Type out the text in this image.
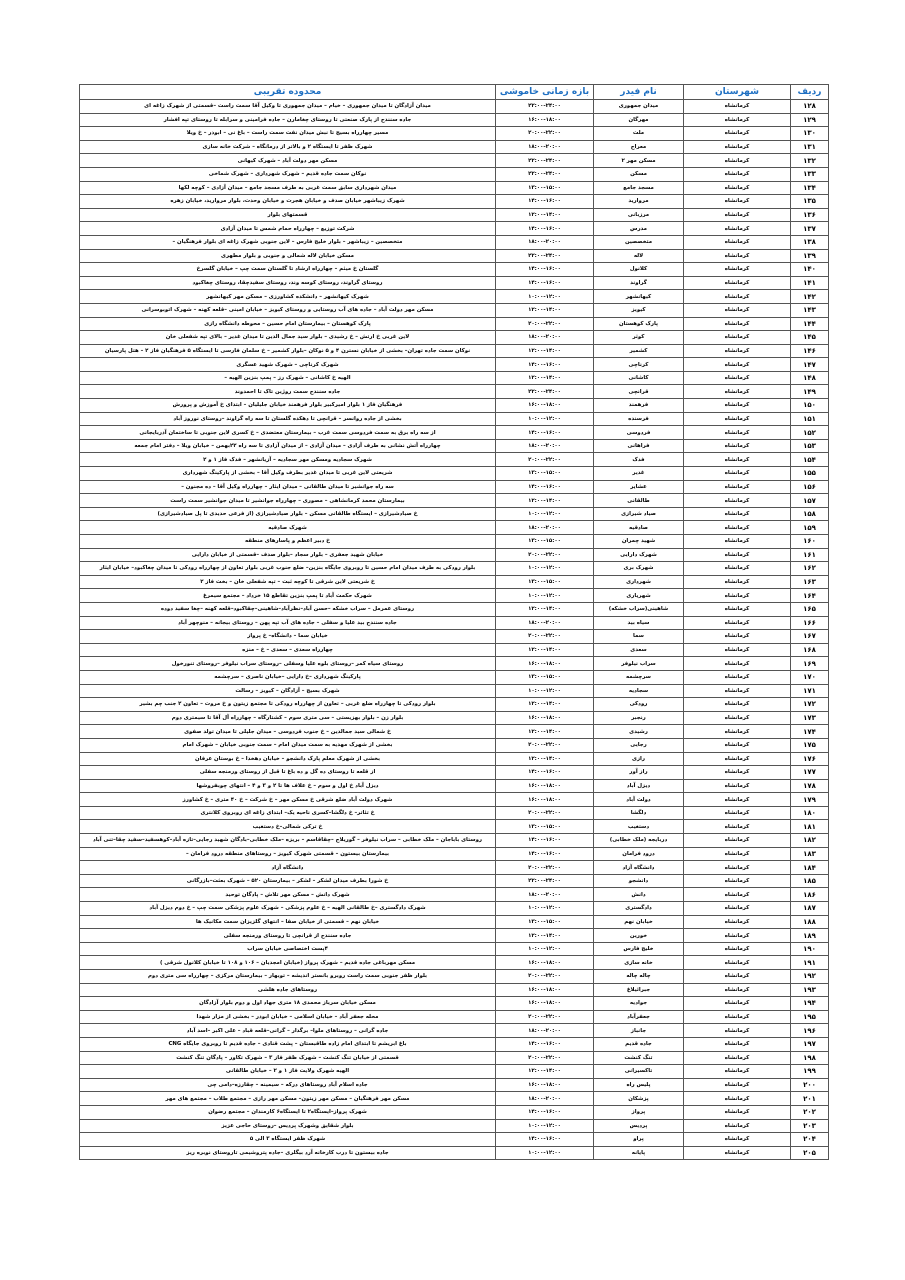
ردیف	شهرستان	نام فیدر	بازه زمانی خاموشی	محدوده تقریبی
۱۲۸	کرمانشاه	میدان جمهوری	۲۲:۰۰-۲۴:۰۰	میدان آزادگان تا میدان جمهوری – خیام – میدان جمهوری تا وکیل آقا سمت راست –قسمتی از شهرک زاغه ای
۱۲۹	کرمانشاه	مهرگان	۱۶:۰۰-۱۸:۰۰	جاده سنندج از پارک صنعتی تا روستای چغامارن – جاده فرامینی و سرابله تا روستای تپه افشار
۱۳۰	کرمانشاه	ملت	۲۰:۰۰-۲۲:۰۰	مسیر چهارراه بسیج تا نبش میدان نفت سمت راست – باغ نی – ابوذر – خ ویلا
۱۳۱	کرمانشاه	معراج	۱۸:۰۰-۲۰:۰۰	شهرک ظفر تا ایستگاه ۲ و بالاتر از درمانگاه – شرکت خانه سازی
۱۳۲	کرمانشاه	مسکن مهر ۲	۲۲:۰۰-۲۴:۰۰	مسکن مهر دولت آباد – شهرک کیهانی
۱۳۳	کرمانشاه	مسکن	۲۲:۰۰-۲۴:۰۰	نوکان سمت جاده قدیم – شهرک شهرداری – شهرک شماخی
۱۳۴	کرمانشاه	مسجد جامع	۱۳:۰۰-۱۵:۰۰	میدان شهرداری سابق سمت غربی به طرف مسجد جامع – میدان آزادی – کوچه لکها
۱۳۵	کرمانشاه	مروارید	۱۴:۰۰-۱۶:۰۰	شهرک زیباشهر خیابان صدف و خیابان هجرت و خیابان وحدت، بلوار مروارید، خیابان زهره
۱۳۶	کرمانشاه	مرزبانی	۱۲:۰۰-۱۴:۰۰	قسمتهای بلوار
۱۳۷	کرمانشاه	مدرس	۱۴:۰۰-۱۶:۰۰	شرکت توزیع – چهارراه حمام شمس تا میدان آزادی
۱۳۸	کرمانشاه	متخصصین	۱۸:۰۰-۲۰:۰۰	متخصصین – زیباشهر – بلوار خلیج فارس – لاین جنوبی شهرک زاغه ای بلوار فرهنگیان –
۱۳۹	کرمانشاه	لاله	۲۲:۰۰-۲۴:۰۰	مسکن خیابان لاله شمالی و جنوبی و بلوار مطهری
۱۴۰	کرمانشاه	کلانول	۱۴:۰۰-۱۶:۰۰	گلستان خ میثم – چهارراه ارشاد تا گلستان سمت چپ – خیابان گلسرخ
۱۴۱	کرمانشاه	گراوند	۱۴:۰۰-۱۶:۰۰	روستای گراوند، روستای کوسه وند، روستای سفیدچقا، روستای چغاکبود
۱۴۲	کرمانشاه	کیهانشهر	۱۰:۰۰-۱۲:۰۰	شهرک کیهانشهر – دانشکده کشاورزی – مسکن مهر کیهانشهر
۱۴۳	کرمانشاه	کیویز	۱۲:۰۰-۱۴:۰۰	مسکن مهر دولت آباد – جاده های آب روستایی و روستای کیویز – خیابان امینی –قلعه کهنه – شهرک اتوبوسرانی
۱۴۴	کرمانشاه	پارک کوهستان	۲۰:۰۰-۲۲:۰۰	پارک کوهستان – بیمارستان امام حسین – محوطه دانشگاه رازی
۱۴۵	کرمانشاه	کوثر	۱۸:۰۰-۲۰:۰۰	لاین غربی خ ارتش – خ رشیدی – بلوار سید جمال الدین تا میدان غدیر – بالای تپه شفعلی خان
۱۴۶	کرمانشاه	کشمیر	۱۲:۰۰-۱۴:۰۰	نوکان سمت جاده تهران– بخشی از خیابان نسترن ۴ و ۵ نوکان –بلوار کشمیر – خ سلمان فارسی تا ایستگاه ۵ فرهنگیان فاز ۲ – هتل پارسیان
۱۴۷	کرمانشاه	کرناچی	۱۴:۰۰-۱۶:۰۰	شهرک کرناچی – شهرک شهید عسگری
۱۴۸	کرمانشاه	کاشانی	۱۲:۰۰-۱۴:۰۰	الهیه خ کاشانی – شهرک رز – پمپ بنزین الهیه –
۱۴۹	کرمانشاه	قرانچی	۲۲:۰۰-۲۴:۰۰	جاده سنندج سمت روژین تاک تا احمدوند
۱۵۰	کرمانشاه	فرهمند	۱۶:۰۰-۱۸:۰۰	فرهنگیان فاز ۱ بلوار امیرکبیر بلوار فرهمند خیابان جلیلیان – ابتدای خ آموزش و پرورش
۱۵۱	کرمانشاه	فرسنده	۱۰:۰۰-۱۲:۰۰	بخشی از جاده روانسر – قرانچی تا دهکده گلستان تا سه راه گراوند –روستای نوروز آباد
۱۵۲	کرمانشاه	فردوسی	۱۴:۰۰-۱۶:۰۰	از سه راه برق به سمت فردوسی سمت غرب – بیمارستان معتضدی – خ کسری لاین جنوبی تا ساختمان آذربایجانی
۱۵۳	کرمانشاه	فراهانی	۱۸:۰۰-۲۰:۰۰	چهارراه آتش نشانی به طرف آزادی – میدان آزادی – از میدان آزادی تا سه راه ۲۲بهمن – خیابان ویلا – دفتر امام جمعه
۱۵۴	کرمانشاه	فدک	۲۰:۰۰-۲۲:۰۰	شهرک سجادیه ومسکن مهر سجادیه – آزیانشهر – فدک فاز ۱ و ۲
۱۵۵	کرمانشاه	غدیر	۱۳:۰۰-۱۵:۰۰	شریعتی لاین غربی تا میدان غدیر بطرف وکیل آقا – بخشی از پارکینگ شهرداری
۱۵۶	کرمانشاه	عشایر	۱۴:۰۰-۱۶:۰۰	سه راه جوانشیر تا میدان طالقانی – میدان ایثار – چهارراه وکیل آقا – ده مجنون –
۱۵۷	کرمانشاه	طالقانی	۱۲:۰۰-۱۴:۰۰	بیمارستان محمد کرمانشاهی – مصوری – چهارراه جوانشیر تا میدان جوانشیر سمت راست
۱۵۸	کرمانشاه	صیاد شیرازی	۱۰:۰۰-۱۲:۰۰	خ صیادشیرازی – ایستگاه طالقانی مسکن – بلوار صیادشیرازی (از فرعی حدیدی تا پل صیادشیرازی)
۱۵۹	کرمانشاه	صادقیه	۱۸:۰۰-۲۰:۰۰	شهرک صادقیه
۱۶۰	کرمانشاه	شهید چمران	۱۳:۰۰-۱۵:۰۰	خ دبیر اعظم و پاسارهای منطقه
۱۶۱	کرمانشاه	شهرک دارایی	۲۰:۰۰-۲۲:۰۰	خیابان شهید جعفری – بلوار سجاد –بلوار صدف –قسمتی از خیابان دارایی
۱۶۲	کرمانشاه	شهرک بری	۱۰:۰۰-۱۲:۰۰	بلوار رودکی به طرف میدان امام حسین تا روبروی جایگاه بنزین– ضلع جنوب غربی بلوار تعاون از چهارراه رودکی تا میدان چغاکبود– خیابان ایثار
۱۶۳	کرمانشاه	شهرداری	۱۳:۰۰-۱۵:۰۰	خ شریعتی لاین شرقی تا کوچه ثبت – تپه شفعلی خان – بخت فاز ۲
۱۶۴	کرمانشاه	شهریاری	۱۰:۰۰-۱۲:۰۰	شهرک حکمت آباد تا پمپ بنزین تقاطع ۱۵ خرداد – مجتمع سیمرغ
۱۶۵	کرمانشاه	شاهینی(سراب خشکه)	۱۲:۰۰-۱۴:۰۰	روستای عمرمل – سراب خشکه –حسن آباد–نظرآباد–شاهینی–چقاکبود–قلعه کهنه –چغا سفید دوده
۱۶۶	کرمانشاه	سیاه بید	۱۸:۰۰-۲۰:۰۰	جاده سنندج بید علیا و سفلی – جاده های آب تپه پهن – روستای بیجانه – منوچهر آباد
۱۶۷	کرمانشاه	سما	۲۰:۰۰-۲۲:۰۰	خیابان سما – دانشگاه– خ پرواز
۱۶۸	کرمانشاه	سعدی	۱۲:۰۰-۱۴:۰۰	چهارراه سعدی – سعدی – خ – منزه
۱۶۹	کرمانشاه	سراب نیلوفر	۱۶:۰۰-۱۸:۰۰	روستای سیاه کمر –روستای بلوه علیا وسفلی –روستای سراب نیلوفر –روستای تنورخول
۱۷۰	کرمانشاه	سرچشمه	۱۳:۰۰-۱۵:۰۰	پارکینگ شهرداری –خ دارایی –خیابان ناصری – سرچشمه
۱۷۱	کرمانشاه	سجادیه	۱۰:۰۰-۱۲:۰۰	شهرک بسیج – آزادگان – کیویز – رسالت
۱۷۲	کرمانشاه	رودکی	۱۲:۰۰-۱۴:۰۰	بلوار رودکی تا چهارراه ضلع غربی – تعاون از چهارراه رودکی تا مجتمع زیتون و خ مروت – تعاون ۲ جنب چم بشیر
۱۷۳	کرمانشاه	رنجبر	۱۶:۰۰-۱۸:۰۰	بلوار زن – بلوار بهزیستی – سی متری سوم – کشتارگاه – چهارراه آل آقا تا سیمتری دوم
۱۷۴	کرمانشاه	رشیدی	۱۲:۰۰-۱۴:۰۰	خ شمالی سید جمالدین – خ جنوب فردوسی – میدان جلیلی تا میدان تولد صفوی
۱۷۵	کرمانشاه	رجایی	۲۰:۰۰-۲۲:۰۰	بخشی از شهرک مهدیه به سمت میدان امام – سمت جنوبی خیابان – شهرک امام
۱۷۶	کرمانشاه	رازی	۱۲:۰۰-۱۴:۰۰	بخشی از شهرک معلم پارک دانشجو – خیابان دهخدا – خ بوستان عرفان
۱۷۷	کرمانشاه	راز آور	۱۴:۰۰-۱۶:۰۰	از قلعه تا روستای ده گل و ده باغ تا قبل از روستای ورمنجه سفلی
۱۷۸	کرمانشاه	دیزل آباد	۱۶:۰۰-۱۸:۰۰	دیزل آباد خ اول و سوم – خ علاف ها تا ۲ و ۳ و ۴ – انتهای چوبفروشها
۱۷۹	کرمانشاه	دولت آباد	۱۶:۰۰-۱۸:۰۰	شهرک دولت آباد ضلع شرقی خ مسکن مهر – خ شرکت – خ ۴۰ متری – خ کشاورز
۱۸۰	کرمانشاه	دلگشا	۲۰:۰۰-۲۲:۰۰	خ تئاتر– خ دلگشا–کسری ناحیه یک– ابتدای زاغه ای روبروی کلانتری
۱۸۱	کرمانشاه	دستغیب	۱۳:۰۰-۱۵:۰۰	خ ترکی شمالی–خ دستغیب
۱۸۲	کرمانشاه	دربایجه (ملک خطابی)	۱۴:۰۰-۱۶:۰۰	روستای باباجان – ملک خطابی – سراب نیلوفر – گوریلاج –چقاقاسم – بریزه –ملک خطابی–بادگان شهید رجایی–تازه آباد–کوهسفید–سفید چقا–تنی آباد
۱۸۳	کرمانشاه	درود فرامان	۱۴:۰۰-۱۶:۰۰	بیمارستان بیستون – قسمتی شهرک کیویز – روستاهای منطقه درود فرامان –
۱۸۴	کرمانشاه	دانشگاه آزاد	۲۰:۰۰-۲۲:۰۰	دانشگاه آزاد
۱۸۵	کرمانشاه	دانشجو	۲۲:۰۰-۲۴:۰۰	خ شورا بطرف میدان لشکر – لشکر – بیمارستان ۵۲۰ – شهرک بعثت–بازرگانی
۱۸۶	کرمانشاه	دانش	۱۸:۰۰-۲۰:۰۰	شهرک دانش – مسکن مهر تلاش – پادگان توحید
۱۸۷	کرمانشاه	دادگستری	۱۰:۰۰-۱۲:۰۰	شهرک دادگستری –خ طالقانی الهیه – خ علوم پزشکی – شهرک علوم پزشکی سمت چپ – خ دوم دیزل آباد
۱۸۸	کرمانشاه	خیابان نهم	۱۳:۰۰-۱۵:۰۰	خیابان نهم – قسمتی از خیابان صفا – انتهای گلزیزان سمت مکانیک ها
۱۸۹	کرمانشاه	خورین	۱۲:۰۰-۱۴:۰۰	جاده سنندج از قرانچی تا روستای ورمنجه سفلی
۱۹۰	کرمانشاه	خلیج فارس	۱۰:۰۰-۱۲:۰۰	۴پست اختصاصی خیابان سراب
۱۹۱	کرمانشاه	خانه سازی	۱۶:۰۰-۱۸:۰۰	مسکن مهرباغی جاده قدیم – شهرک پرواز (خیابان امجدیان – ۱۰۶ و ۱۰۸ تا خیابان کلانول شرقی )
۱۹۲	کرمانشاه	چاله چاله	۲۰:۰۰-۲۲:۰۰	بلوار ظفر جنوبی سمت راست روبرو بانستر اندیشه – توبهار – بیمارستان مرکزی – چهارراه سی متری دوم
۱۹۳	کرمانشاه	جبرائیلاغ	۱۶:۰۰-۱۸:۰۰	روستاهای جاده هلشی
۱۹۴	کرمانشاه	جوادیه	۱۶:۰۰-۱۸:۰۰	مسکن خیابان سرباز محمدی ۱۸ متری جهاد اول و دوم بلوار آزادگان
۱۹۵	کرمانشاه	جعفرآباد	۲۰:۰۰-۲۲:۰۰	محله جعفر آباد – خیابان اسلامی – خیابان ابوذر – بخشی از مزار شهدا
۱۹۶	کرمانشاه	جانباز	۱۸:۰۰-۲۰:۰۰	جاده گرانی – روستاهای ملوا– برگدار – گرانی–قلعه قباد – علی اکبر –اسد آباد
۱۹۷	کرمانشاه	جاده قدیم	۱۴:۰۰-۱۶:۰۰	باغ ابریشم تا ابتدای امام زاده طاقبستان – پشت قنادی – جاده قدیم تا روبروی جایگاه CNG
۱۹۸	کرمانشاه	تنگ کنشت	۲۰:۰۰-۲۲:۰۰	قسمتی از خیابان تنگ کنشت – شهرک ظفر فاز ۳ – شهرک تکاور – پادگان تنگ کنشت
۱۹۹	کرمانشاه	تاکسیرانی	۱۲:۰۰-۱۴:۰۰	الهیه شهرک ولایت فاز ۱ و ۲ – خیابان طالقانی
۲۰۰	کرمانشاه	پلیس راه	۱۶:۰۰-۱۸:۰۰	جاده اسلام آباد روستاهای درکه – سیمینه – چقارزه–دامی چی
۲۰۱	کرمانشاه	پزشکان	۱۸:۰۰-۲۰:۰۰	مسکن مهر فرهنگیان – مسکن مهر زیتون– مسکن مهر رازی – مجتمع طلاب – مجتمع های مهر
۲۰۲	کرمانشاه	پرواز	۱۴:۰۰-۱۶:۰۰	شهرک پرواز–ایستگاه۲ تا ایستگاه۶ کارمندان – مجتمع رضوان
۲۰۳	کرمانشاه	پردیس	۱۰:۰۰-۱۲:۰۰	بلوار شقایق وشهرک پردیس –روستای حاجی عزیز
۲۰۴	کرمانشاه	پراو	۱۴:۰۰-۱۶:۰۰	شهرک ظفر ایستگاه ۳ الی ۵
۲۰۵	کرمانشاه	پایانه	۱۰:۰۰-۱۲:۰۰	جاده بیستون تا درب کارخانه آرد بیگلری –جاده پتروشیمی تاروستای نوبره ریز
